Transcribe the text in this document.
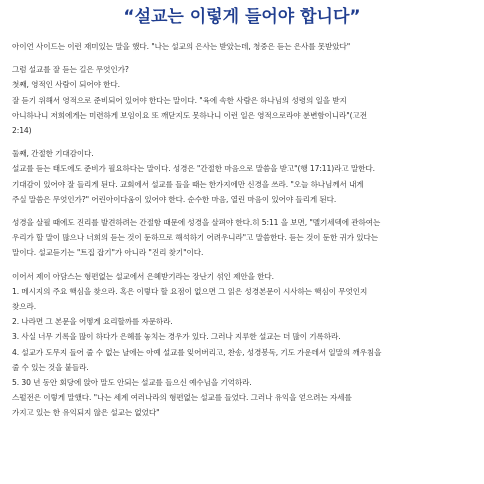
“설교는 이렇게 들어야 합니다”
아이언 사이드는 이런 재미있는 말을 했다. "나는 설교의 은사는 받았는데, 청중은 듣는 은사를 못받았다"
그럼 설교를 잘 듣는 길은 무엇인가?
첫째, 영적인 사람이 되어야 한다.
잘 듣기 위해서 영적으로 준비되어 있어야 한다는 말이다. "육에 속한 사람은 하나님의 성령의 일을 받지
아니하나니 저희에게는 미련하게 보임이요 또 깨닫지도 못하나니 이런 일은 영적으로라야 분변함이니라"(고전
2:14)
둘째, 간절한 기대감이다.
설교를 듣는 태도에도 준비가 필요하다는 말이다. 성경은 "간절한 마음으로 말씀을 받고"(행 17:11)라고 말한다.
기대감이 있어야 잘 들리게 된다. 교회에서 설교를 들을 때는 한가지에만 신경을 쓰라. "오늘 하나님께서 내게
주실 말씀은 무엇인가?" 어린아이다움이 있어야 한다. 순수한 마음, 열린 마음이 있어야 들리게 된다.
성경을 살필 때에도 진리를 발견하려는 간절함 때문에 성경을 살펴야 한다.히 5:11 을 보면, "멜기세덱에 관하여는
우리가 할 말이 많으나 너희의 듣는 것이 둔하므로 해석하기 어려우니라"고 말씀한다. 듣는 것이 둔한 귀가 있다는
말이다. 설교듣기는 "트집 잡기"가 아니라 "진리 찾기"이다.
이어서 제이 아담스는 형편없는 설교에서 은혜받기라는 장난기 섞인 제안을 한다.
1. 메시지의 주요 핵심을 찾으라. 혹은 이렇다 할 요점이 없으면 그 읽은 성경본문이 시사하는 핵심이 무엇인지
찾으라.
2. 나라면 그 본문을 어떻게 요리할까를 자문하라.
3. 사실 너무 기록을 많이 하다가 은혜를 놓치는 경우가 있다. 그러나 지루한 설교는 더 많이 기록하라.
4. 설교가 도무지 들어 줄 수 없는 날에는 아예 설교를 잊어버리고, 찬송, 성경봉독, 기도 가운데서 일말의 깨우침을
줄 수 있는 것을 붙들라.
5. 30 년 동안 회당에 앉아 말도 안되는 설교를 들으신 예수님을 기억하라.
스펄전은 이렇게 말했다. "나는 세계 여러나라의 형편없는 설교를 들었다. 그러나 유익을 얻으려는 자세를
가지고 있는 한 유익되지 않은 설교는 없었다"
